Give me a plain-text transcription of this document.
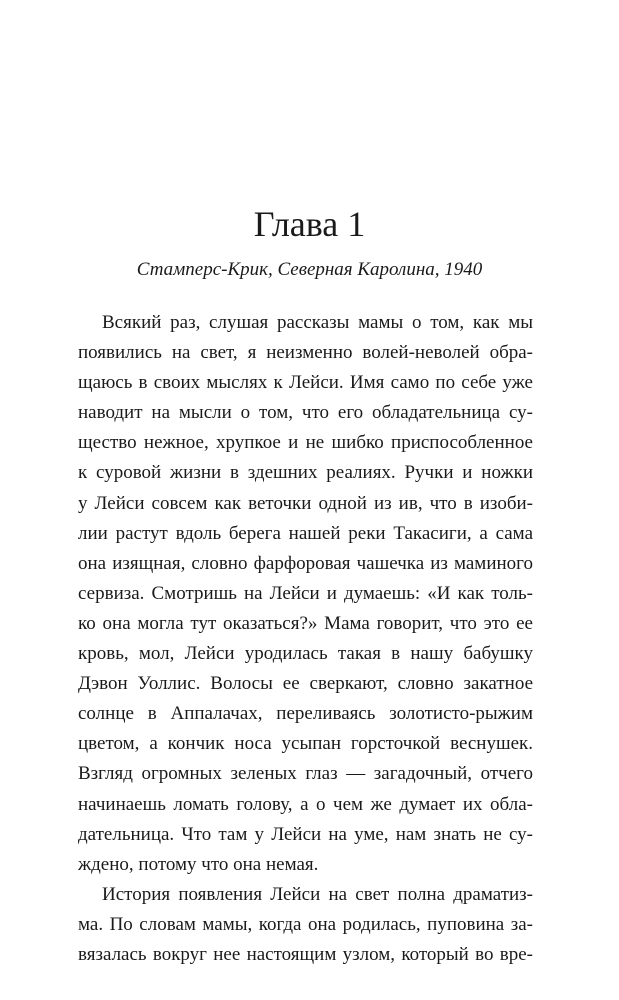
Глава 1
Стамперс-Крик, Северная Каролина, 1940
Всякий раз, слушая рассказы мамы о том, как мы
появились на свет, я неизменно волей-неволей обра-
щаюсь в своих мыслях к Лейси. Имя само по себе уже
наводит на мысли о том, что его обладательница су-
щество нежное, хрупкое и не шибко приспособленное
к суровой жизни в здешних реалиях. Ручки и ножки
у Лейси совсем как веточки одной из ив, что в изоби-
лии растут вдоль берега нашей реки Такасиги, а сама
она изящная, словно фарфоровая чашечка из маминого
сервиза. Смотришь на Лейси и думаешь: «И как толь-
ко она могла тут оказаться?» Мама говорит, что это ее
кровь, мол, Лейси уродилась такая в нашу бабушку
Дэвон Уоллис. Волосы ее сверкают, словно закатное
солнце в Аппалачах, переливаясь золотисто-рыжим
цветом, а кончик носа усыпан горсточкой веснушек.
Взгляд огромных зеленых глаз — загадочный, отчего
начинаешь ломать голову, а о чем же думает их обла-
дательница. Что там у Лейси на уме, нам знать не су-
ждено, потому что она немая.
История появления Лейси на свет полна драматиз-
ма. По словам мамы, когда она родилась, пуповина за-
вязалась вокруг нее настоящим узлом, который во вре-
